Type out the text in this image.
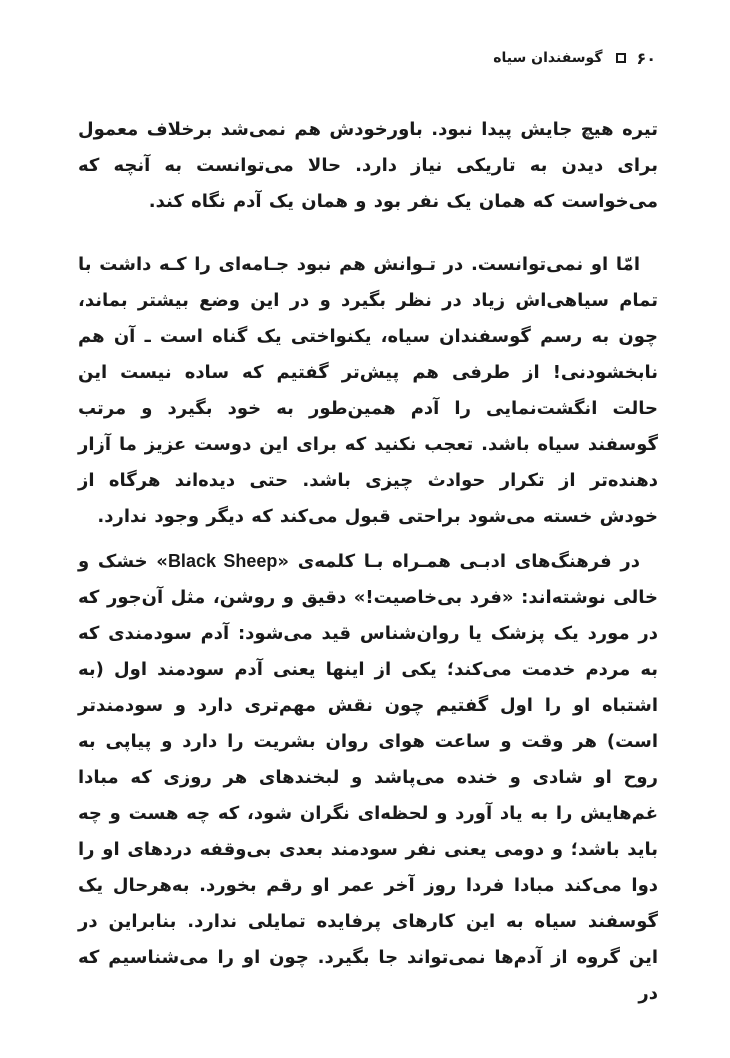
۶۰
گوسفندان سیاه
تیره هیچ جایش پیدا نبود. باورخودش هم نمی‌شد برخلاف معمول برای دیدن به تاریکی نیاز دارد. حالا می‌توانست به آنچه که می‌خواست که همان یک نفر بود و همان یک آدم نگاه کند.
امّا او نمی‌توانست. در تـوانش هم نبود جـامه‌ای را کـه داشت با تمام سیاهی‌اش زیاد در نظر بگیرد و در این وضع بیشتر بماند، چون به رسم گوسفندان سیاه، یکنواختی یک گناه است ـ آن هم نابخشودنی! از طرفی هم پیش‌تر گفتیم که ساده نیست این حالت انگشت‌نمایی را آدم همین‌طور به خود بگیرد و مرتب گوسفند سیاه باشد. تعجب نکنید که برای این دوست عزیز ما آزار دهنده‌تر از تکرار حوادث چیزی باشد. حتی دیده‌اند هرگاه از خودش خسته می‌شود براحتی قبول می‌کند که دیگر وجود ندارد.
در فرهنگ‌های ادبـی همـراه بـا کلمه‌ی «Black Sheep» خشک و خالی نوشته‌اند: «فرد بی‌خاصیت!» دقیق و روشن، مثل آن‌جور که در مورد یک پزشک یا روان‌شناس قید می‌شود: آدم سودمندی که به مردم خدمت می‌کند؛ یکی از اینها یعنی آدم سودمند اول (به اشتباه او را اول گفتیم چون نقش مهم‌تری دارد و سودمندتر است) هر وقت و ساعت هوای روان بشریت را دارد و پیاپی به روح او شادی و خنده می‌پاشد و لبخندهای هر روزی که مبادا غم‌هایش را به یاد آورد و لحظه‌ای نگران شود، که چه هست و چه باید باشد؛ و دومی یعنی نفر سودمند بعدی بی‌وقفه دردهای او را دوا می‌کند مبادا فردا روز آخر عمر او رقم بخورد. به‌هرحال یک گوسفند سیاه به این کارهای پرفایده تمایلی ندارد. بنابراین در این گروه از آدم‌ها نمی‌تواند جا بگیرد. چون او را می‌شناسیم که در
